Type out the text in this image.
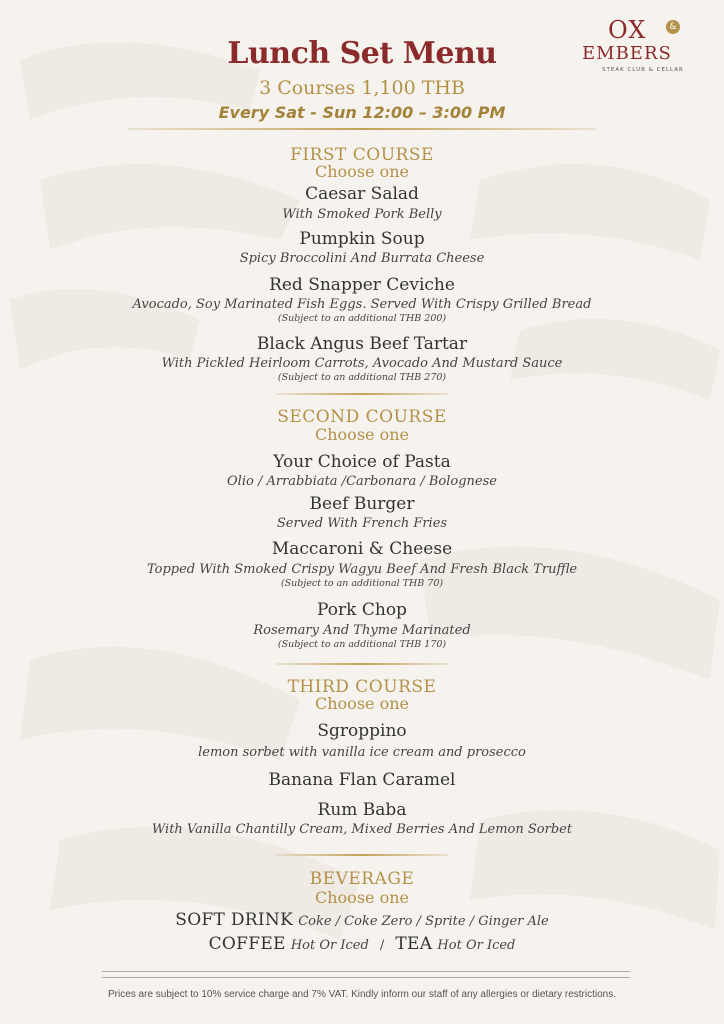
OX	&
EMBERS
STEAK CLUB & CELLAR
Lunch Set Menu
3 Courses 1,100 THB
Every Sat - Sun 12:00 – 3:00 PM
FIRST COURSE
Choose one
Caesar Salad
With Smoked Pork Belly
Pumpkin Soup
Spicy Broccolini And Burrata Cheese
Red Snapper Ceviche
Avocado, Soy Marinated Fish Eggs. Served With Crispy Grilled Bread
(Subject to an additional THB 200)
Black Angus Beef Tartar
With Pickled Heirloom Carrots, Avocado And Mustard Sauce
(Subject to an additional THB 270)
SECOND COURSE
Choose one
Your Choice of Pasta
Olio / Arrabbiata /Carbonara / Bolognese
Beef Burger
Served With French Fries
Maccaroni & Cheese
Topped With Smoked Crispy Wagyu Beef And Fresh Black Truffle
(Subject to an additional THB 70)
Pork Chop
Rosemary And Thyme Marinated
(Subject to an additional THB 170)
THIRD COURSE
Choose one
Sgroppino
lemon sorbet with vanilla ice cream and prosecco
Banana Flan Caramel
Rum Baba
With Vanilla Chantilly Cream, Mixed Berries And Lemon Sorbet
BEVERAGE
Choose one
SOFT DRINK Coke / Coke Zero / Sprite / Ginger Ale
COFFEE Hot Or Iced / TEA Hot Or Iced
Prices are subject to 10% service charge and 7% VAT. Kindly inform our staff of any allergies or dietary restrictions.
